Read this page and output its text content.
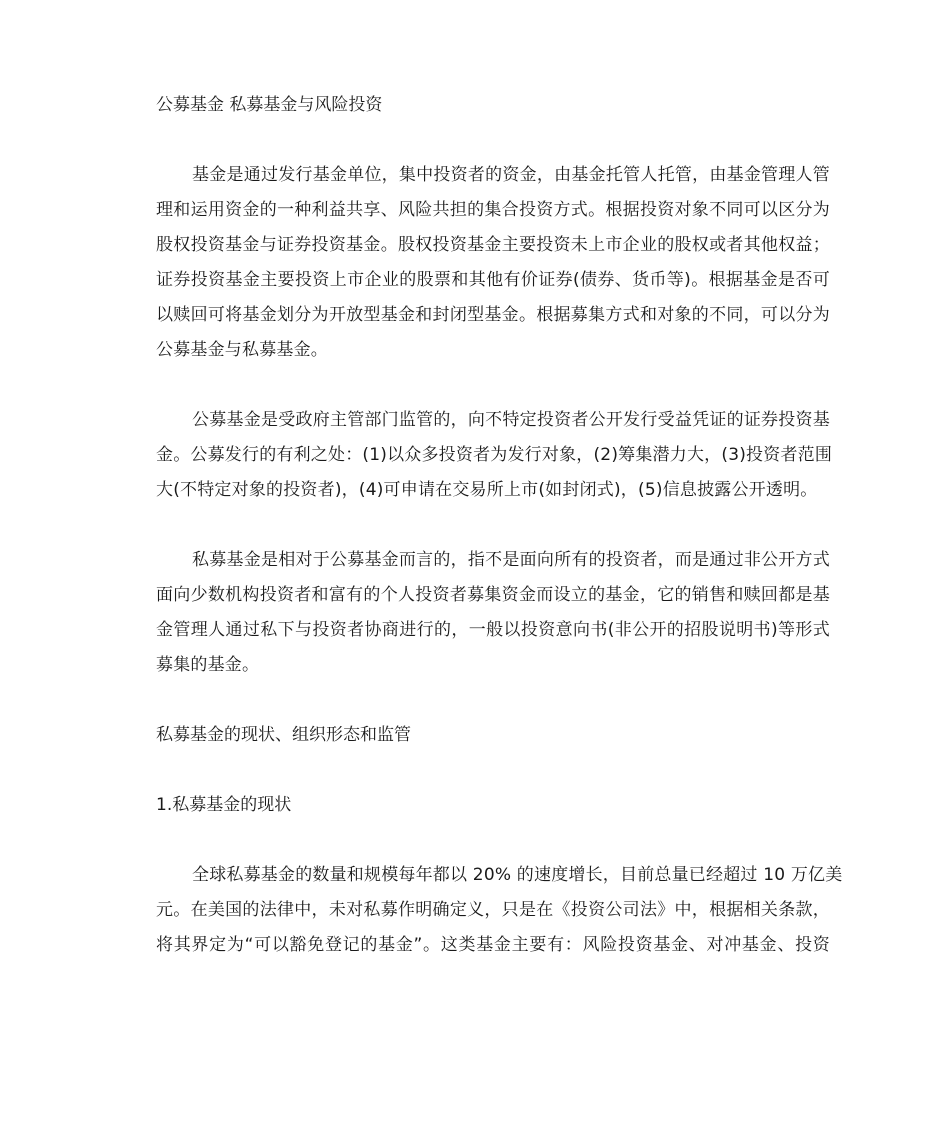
公募基金 私募基金与风险投资
基金是通过发行基金单位，集中投资者的资金，由基金托管人托管，由基金管理人管
理和运用资金的一种利益共享、风险共担的集合投资方式。根据投资对象不同可以区分为
股权投资基金与证券投资基金。股权投资基金主要投资未上市企业的股权或者其他权益；
证券投资基金主要投资上市企业的股票和其他有价证券(债券、货币等)。根据基金是否可
以赎回可将基金划分为开放型基金和封闭型基金。根据募集方式和对象的不同，可以分为
公募基金与私募基金。
公募基金是受政府主管部门监管的，向不特定投资者公开发行受益凭证的证券投资基
金。公募发行的有利之处：(1)以众多投资者为发行对象，(2)筹集潜力大，(3)投资者范围
大(不特定对象的投资者)，(4)可申请在交易所上市(如封闭式)，(5)信息披露公开透明。
私募基金是相对于公募基金而言的，指不是面向所有的投资者，而是通过非公开方式
面向少数机构投资者和富有的个人投资者募集资金而设立的基金，它的销售和赎回都是基
金管理人通过私下与投资者协商进行的，一般以投资意向书(非公开的招股说明书)等形式
募集的基金。
私募基金的现状、组织形态和监管
1.私募基金的现状
全球私募基金的数量和规模每年都以 20% 的速度增长，目前总量已经超过 10 万亿美
元。在美国的法律中，未对私募作明确定义，只是在《投资公司法》中，根据相关条款，
将其界定为“可以豁免登记的基金”。这类基金主要有：风险投资基金、对冲基金、投资
